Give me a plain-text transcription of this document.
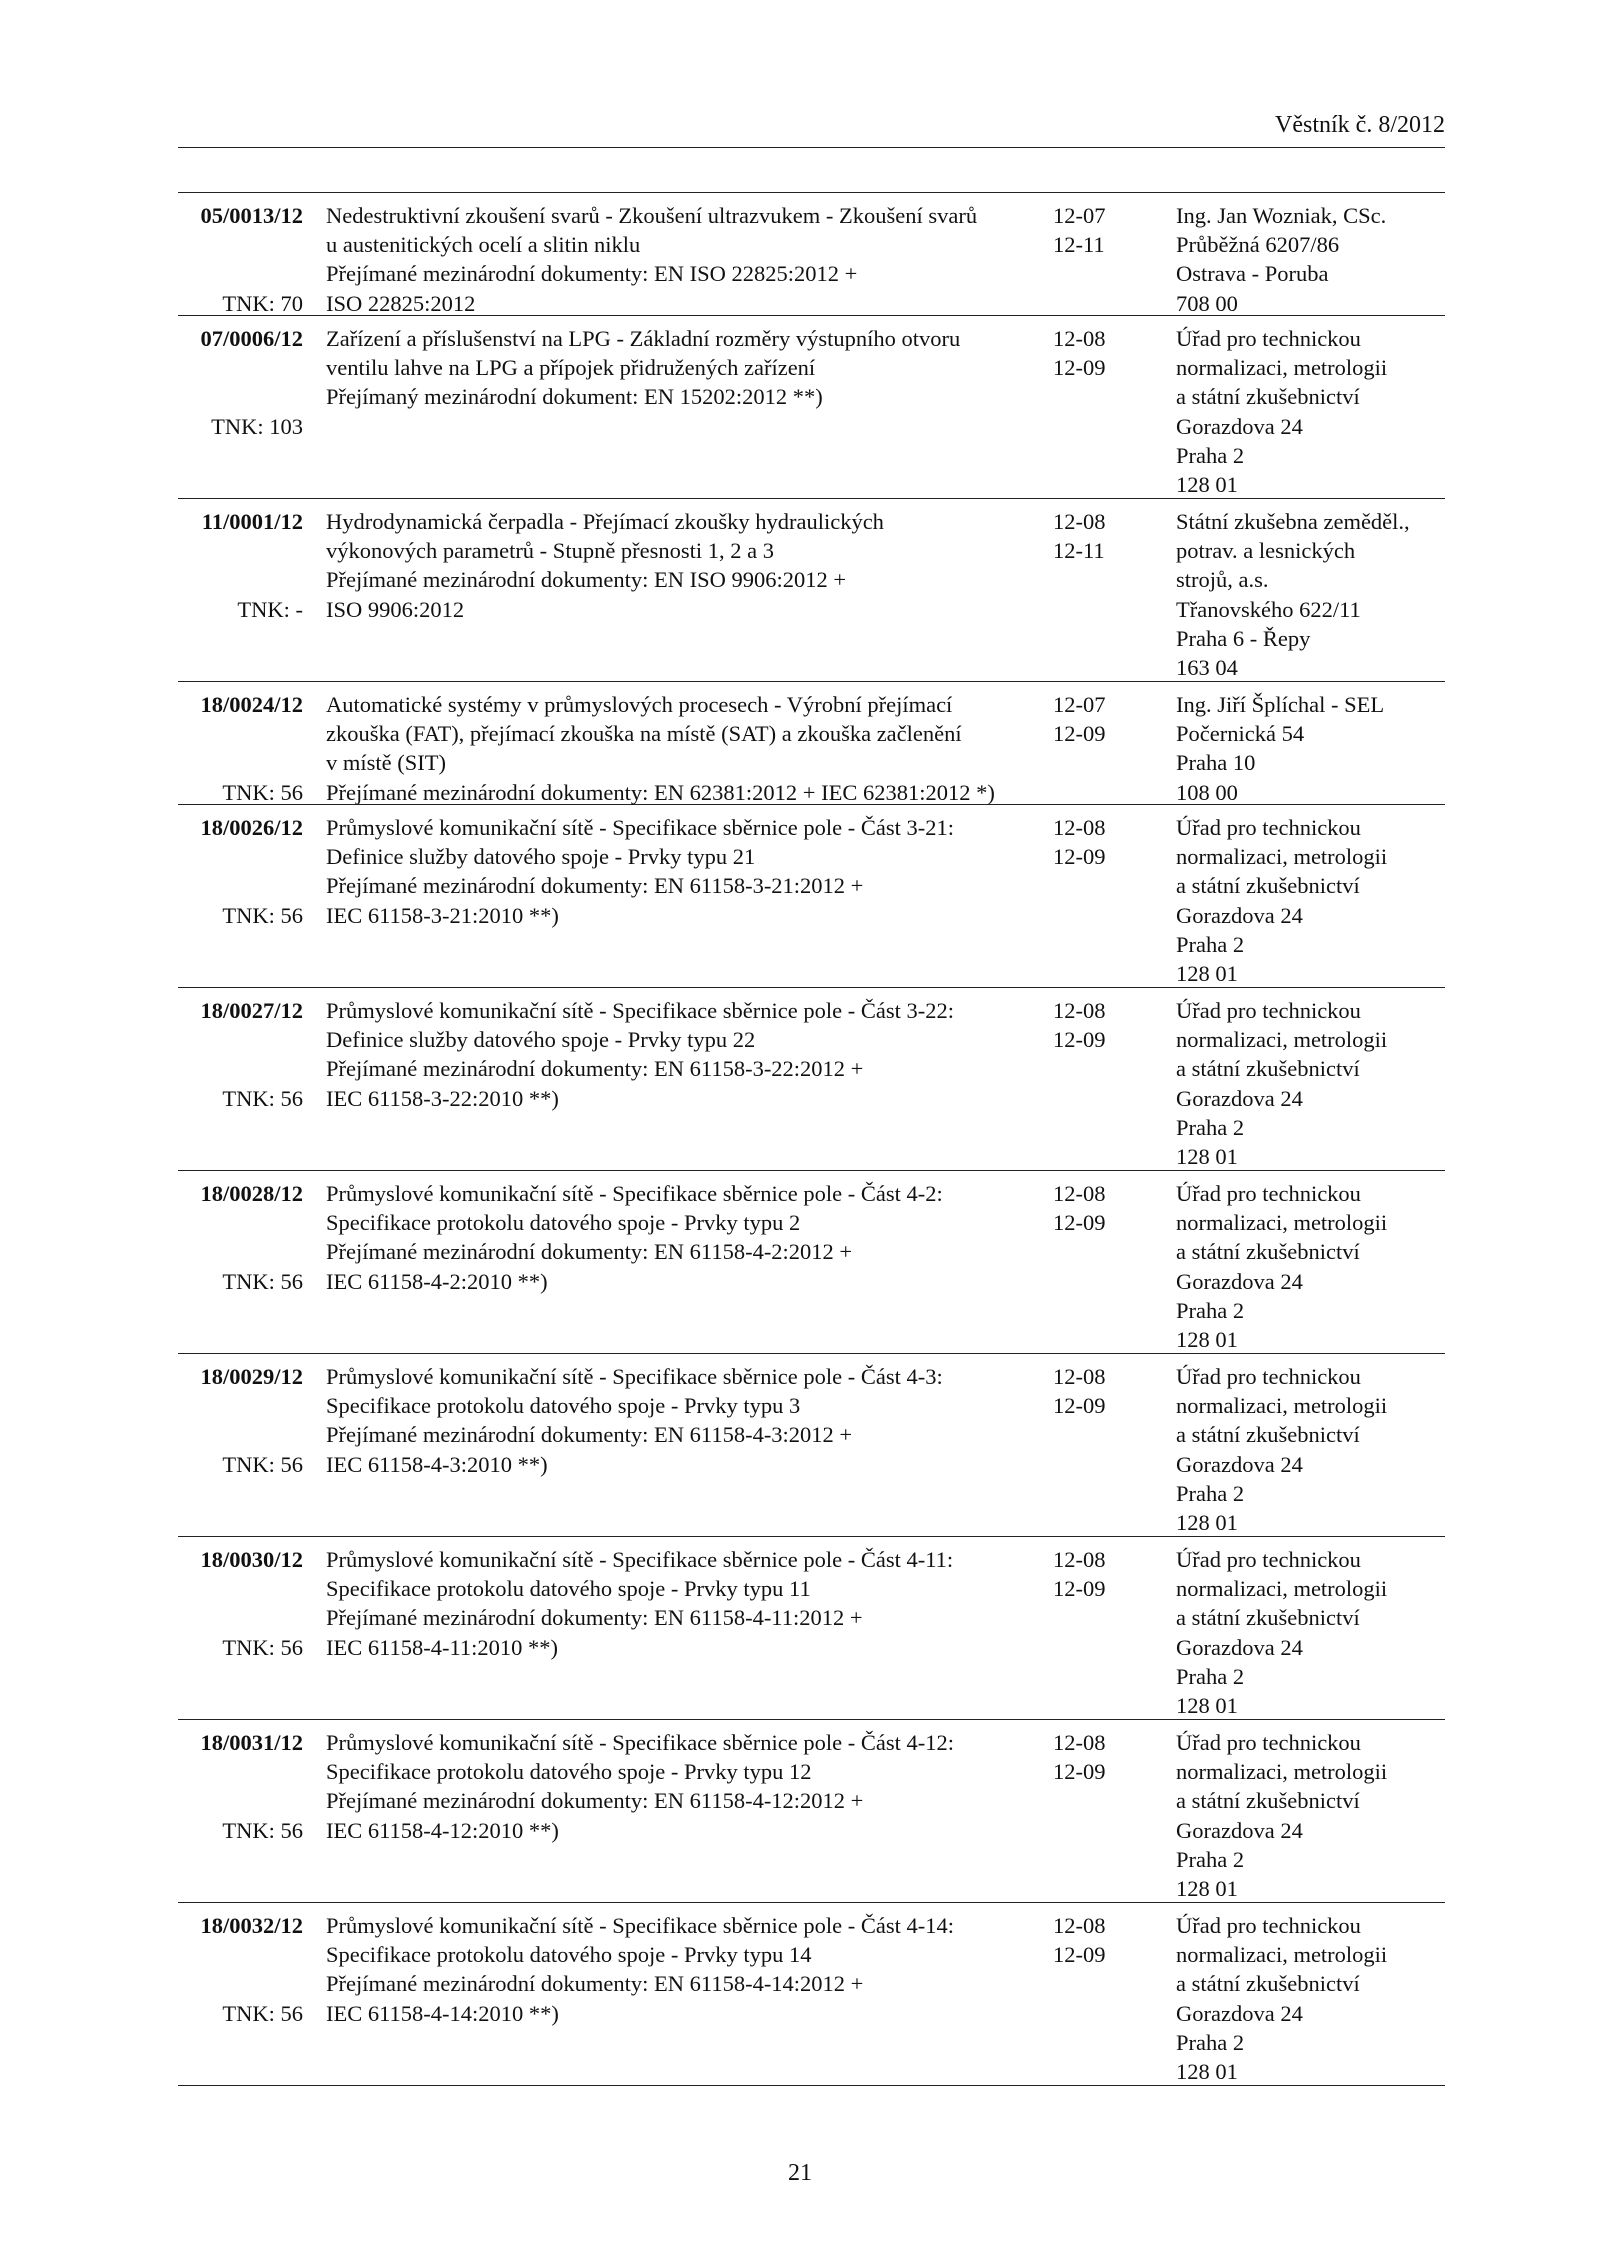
Věstník č. 8/2012
05/0013/12
TNK: 70
Nedestruktivní zkoušení svarů - Zkoušení ultrazvukem - Zkoušení svarů
u austenitických ocelí a slitin niklu
Přejímané mezinárodní dokumenty: EN ISO 22825:2012 +
ISO 22825:2012
12-07
12-11
Ing. Jan Wozniak, CSc.
Průběžná 6207/86
Ostrava - Poruba
708 00
07/0006/12
TNK: 103
Zařízení a příslušenství na LPG - Základní rozměry výstupního otvoru
ventilu lahve na LPG a přípojek přidružených zařízení
Přejímaný mezinárodní dokument: EN 15202:2012 **)
12-08
12-09
Úřad pro technickou
normalizaci, metrologii
a státní zkušebnictví
Gorazdova 24
Praha 2
128 01
11/0001/12
TNK: -
Hydrodynamická čerpadla - Přejímací zkoušky hydraulických
výkonových parametrů - Stupně přesnosti 1, 2 a 3
Přejímané mezinárodní dokumenty: EN ISO 9906:2012 +
ISO 9906:2012
12-08
12-11
Státní zkušebna zeměděl.,
potrav. a lesnických
strojů, a.s.
Třanovského 622/11
Praha 6 - Řepy
163 04
18/0024/12
TNK: 56
Automatické systémy v průmyslových procesech - Výrobní přejímací
zkouška (FAT), přejímací zkouška na místě (SAT) a zkouška začlenění
v místě (SIT)
Přejímané mezinárodní dokumenty: EN 62381:2012 + IEC 62381:2012 *)
12-07
12-09
Ing. Jiří Šplíchal - SEL
Počernická 54
Praha 10
108 00
18/0026/12
TNK: 56
Průmyslové komunikační sítě - Specifikace sběrnice pole - Část 3-21:
Definice služby datového spoje - Prvky typu 21
Přejímané mezinárodní dokumenty: EN 61158-3-21:2012 +
IEC 61158-3-21:2010 **)
12-08
12-09
Úřad pro technickou
normalizaci, metrologii
a státní zkušebnictví
Gorazdova 24
Praha 2
128 01
18/0027/12
TNK: 56
Průmyslové komunikační sítě - Specifikace sběrnice pole - Část 3-22:
Definice služby datového spoje - Prvky typu 22
Přejímané mezinárodní dokumenty: EN 61158-3-22:2012 +
IEC 61158-3-22:2010 **)
12-08
12-09
Úřad pro technickou
normalizaci, metrologii
a státní zkušebnictví
Gorazdova 24
Praha 2
128 01
18/0028/12
TNK: 56
Průmyslové komunikační sítě - Specifikace sběrnice pole - Část 4-2:
Specifikace protokolu datového spoje - Prvky typu 2
Přejímané mezinárodní dokumenty: EN 61158-4-2:2012 +
IEC 61158-4-2:2010 **)
12-08
12-09
Úřad pro technickou
normalizaci, metrologii
a státní zkušebnictví
Gorazdova 24
Praha 2
128 01
18/0029/12
TNK: 56
Průmyslové komunikační sítě - Specifikace sběrnice pole - Část 4-3:
Specifikace protokolu datového spoje - Prvky typu 3
Přejímané mezinárodní dokumenty: EN 61158-4-3:2012 +
IEC 61158-4-3:2010 **)
12-08
12-09
Úřad pro technickou
normalizaci, metrologii
a státní zkušebnictví
Gorazdova 24
Praha 2
128 01
18/0030/12
TNK: 56
Průmyslové komunikační sítě - Specifikace sběrnice pole - Část 4-11:
Specifikace protokolu datového spoje - Prvky typu 11
Přejímané mezinárodní dokumenty: EN 61158-4-11:2012 +
IEC 61158-4-11:2010 **)
12-08
12-09
Úřad pro technickou
normalizaci, metrologii
a státní zkušebnictví
Gorazdova 24
Praha 2
128 01
18/0031/12
TNK: 56
Průmyslové komunikační sítě - Specifikace sběrnice pole - Část 4-12:
Specifikace protokolu datového spoje - Prvky typu 12
Přejímané mezinárodní dokumenty: EN 61158-4-12:2012 +
IEC 61158-4-12:2010 **)
12-08
12-09
Úřad pro technickou
normalizaci, metrologii
a státní zkušebnictví
Gorazdova 24
Praha 2
128 01
18/0032/12
TNK: 56
Průmyslové komunikační sítě - Specifikace sběrnice pole - Část 4-14:
Specifikace protokolu datového spoje - Prvky typu 14
Přejímané mezinárodní dokumenty: EN 61158-4-14:2012 +
IEC 61158-4-14:2010 **)
12-08
12-09
Úřad pro technickou
normalizaci, metrologii
a státní zkušebnictví
Gorazdova 24
Praha 2
128 01
21
